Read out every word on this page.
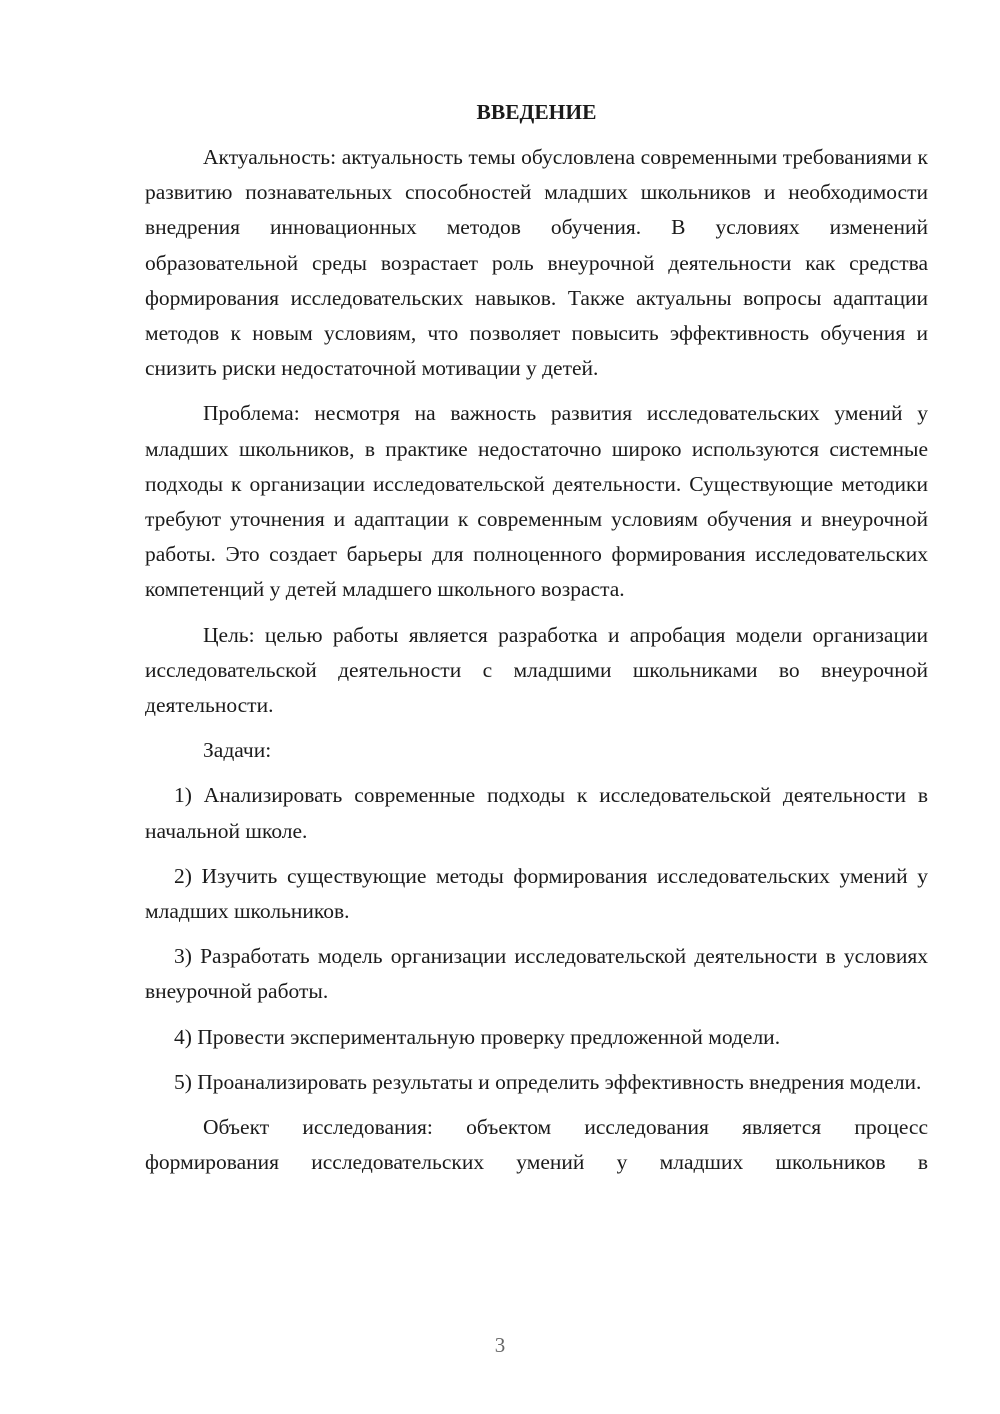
ВВЕДЕНИЕ

Актуальность: актуальность темы обусловлена современными требованиями к развитию познавательных способностей младших школьников и необходимости внедрения инновационных методов обучения. В условиях изменений образовательной среды возрастает роль внеурочной деятельности как средства формирования исследовательских навыков. Также актуальны вопросы адаптации методов к новым условиям, что позволяет повысить эффективность обучения и снизить риски недостаточной мотивации у детей.

Проблема: несмотря на важность развития исследовательских умений у младших школьников, в практике недостаточно широко используются системные подходы к организации исследовательской деятельности. Существующие методики требуют уточнения и адаптации к современным условиям обучения и внеурочной работы. Это создает барьеры для полноценного формирования исследовательских компетенций у детей младшего школьного возраста.

Цель: целью работы является разработка и апробация модели организации исследовательской деятельности с младшими школьниками во внеурочной деятельности.

Задачи:

1) Анализировать современные подходы к исследовательской деятельности в начальной школе.

2) Изучить существующие методы формирования исследовательских умений у младших школьников.

3) Разработать модель организации исследовательской деятельности в условиях внеурочной работы.

4) Провести экспериментальную проверку предложенной модели.

5) Проанализировать результаты и определить эффективность внедрения модели.

Объект исследования: объектом исследования является процесс формирования исследовательских умений у младших школьников в

3
